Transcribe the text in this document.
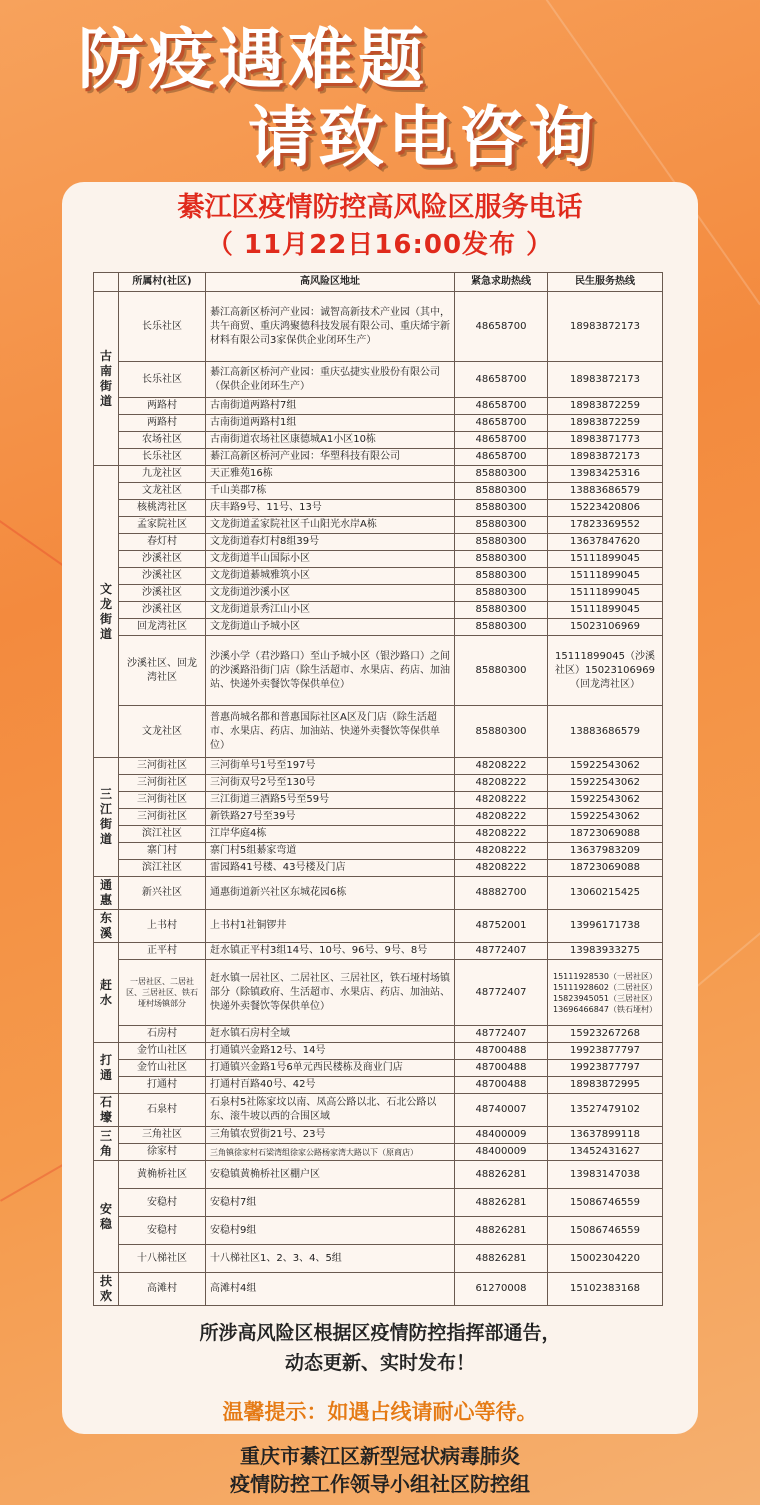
防疫遇难题
请致电咨询
綦江区疫情防控高风险区服务电话
（ 11月22日16:00发布 ）
	所属村(社区)	高风险区地址	紧急求助热线	民生服务热线
古南街道	长乐社区	綦江高新区桥河产业园：诚智高新技术产业园（其中，共午商贸、重庆鸿聚德科技发展有限公司、重庆烯宇新材料有限公司3家保供企业闭环生产）	48658700	18983872173
	长乐社区	綦江高新区桥河产业园：重庆弘捷实业股份有限公司（保供企业闭环生产）	48658700	18983872173
	两路村	古南街道两路村7组	48658700	18983872259
	两路村	古南街道两路村1组	48658700	18983872259
	农场社区	古南街道农场社区康德城A1小区10栋	48658700	18983871773
	长乐社区	綦江高新区桥河产业园：华塑科技有限公司	48658700	18983872173
文龙街道	九龙社区	天正雅苑16栋	85880300	13983425316
	文龙社区	千山美郡7栋	85880300	13883686579
	核桃湾社区	庆丰路9号、11号、13号	85880300	15223420806
	孟家院社区	文龙街道孟家院社区千山阳光水岸A栋	85880300	17823369552
	春灯村	文龙街道春灯村8组39号	85880300	13637847620
	沙溪社区	文龙街道半山国际小区	85880300	15111899045
	沙溪社区	文龙街道綦城雅筑小区	85880300	15111899045
	沙溪社区	文龙街道沙溪小区	85880300	15111899045
	沙溪社区	文龙街道景秀江山小区	85880300	15111899045
	回龙湾社区	文龙街道山予城小区	85880300	15023106969
	沙溪社区、回龙湾社区	沙溪小学（君沙路口）至山予城小区（银沙路口）之间的沙溪路沿街门店（除生活超市、水果店、药店、加油站、快递外卖餐饮等保供单位）	85880300	15111899045（沙溪社区）15023106969（回龙湾社区）
	文龙社区	普惠尚城名都和普惠国际社区A区及门店（除生活超市、水果店、药店、加油站、快递外卖餐饮等保供单位）	85880300	13883686579
三江街道	三河街社区	三河街单号1号至197号	48208222	15922543062
	三河街社区	三河街双号2号至130号	48208222	15922543062
	三河街社区	三江街道三酒路5号至59号	48208222	15922543062
	三河街社区	新铁路27号至39号	48208222	15922543062
	滨江社区	江岸华庭4栋	48208222	18723069088
	寨门村	寨门村5组綦家弯道	48208222	13637983209
	滨江社区	雷园路41号楼、43号楼及门店	48208222	18723069088
通惠	新兴社区	通惠街道新兴社区东城花园6栋	48882700	13060215425
东溪	上书村	上书村1社铜锣井	48752001	13996171738
赶水	正平村	赶水镇正平村3组14号、10号、96号、9号、8号	48772407	13983933275
	一居社区、二居社区、三居社区、铁石垭村场镇部分	赶水镇一居社区、二居社区、三居社区，铁石垭村场镇部分（除镇政府、生活超市、水果店、药店、加油站、快递外卖餐饮等保供单位）	48772407	15111928530（一居社区）15111928602（二居社区）15823945051（三居社区）13696466847（铁石垭村）
	石房村	赶水镇石房村全域	48772407	15923267268
打通	金竹山社区	打通镇兴金路12号、14号	48700488	19923877797
	金竹山社区	打通镇兴金路1号6单元西民楼栋及商业门店	48700488	19923877797
	打通村	打通村百路40号、42号	48700488	18983872995
石壕	石泉村	石泉村5社陈家坟以南、凤高公路以北、石北公路以东、滚牛坡以西的合围区域	48740007	13527479102
三角	三角社区	三角镇农贸街21号、23号	48400009	13637899118
	徐家村	三角镇徐家村石梁湾组徐家公路杨家湾大路以下（原商店）	48400009	13452431627
安稳	黄桷桥社区	安稳镇黄桷桥社区棚户区	48826281	13983147038
	安稳村	安稳村7组	48826281	15086746559
	安稳村	安稳村9组	48826281	15086746559
	十八梯社区	十八梯社区1、2、3、4、5组	48826281	15002304220
扶欢	高滩村	高滩村4组	61270008	15102383168
所涉高风险区根据区疫情防控指挥部通告，
动态更新、实时发布！
温馨提示：如遇占线请耐心等待。
重庆市綦江区新型冠状病毒肺炎
疫情防控工作领导小组社区防控组
